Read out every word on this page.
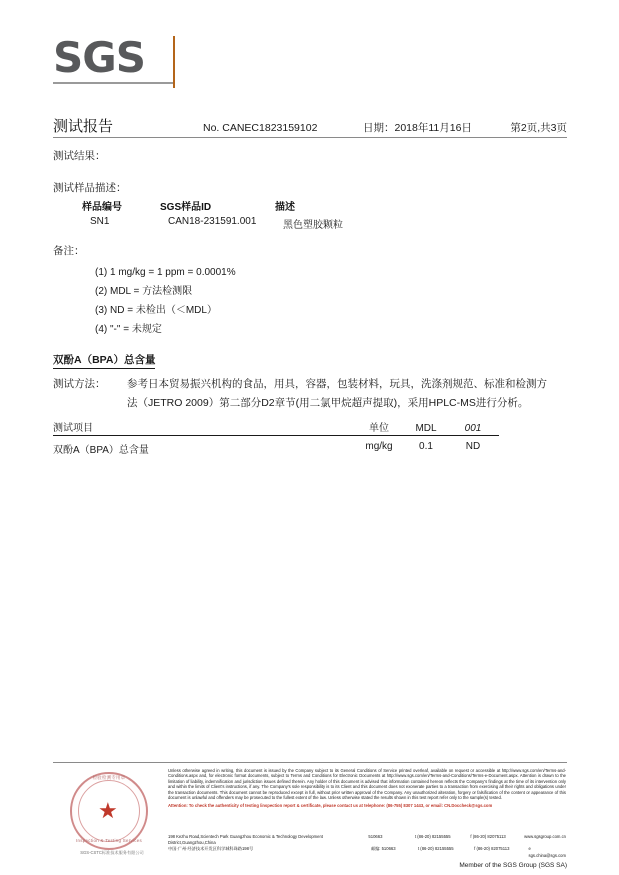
SGS
测试报告	No. CANEC1823159102	日期：2018年11月16日	第2页,共3页
测试结果：
测试样品描述：
样品编号	SGS样品ID	描述
SN1	CAN18-231591.001	黑色塑胶颗粒
备注：
(1) 1 mg/kg = 1 ppm = 0.0001%
(2) MDL = 方法检测限
(3) ND = 未检出（＜MDL）
(4) "-" = 未规定
双酚A（BPA）总含量
测试方法： 参考日本贸易振兴机构的食品，用具，容器，包装材料，玩具，洗涤剂规范、标准和检测方法（JETRO 2009）第二部分D2章节(用二氯甲烷超声提取)，采用HPLC-MS进行分析。
测试项目	单位	MDL	001
双酚A（BPA）总含量	mg/kg	0.1	ND
检验检测专用章
★
Inspection & Testing Services
SGS-CSTC标准技术服务有限公司
Unless otherwise agreed in writing, this document is issued by the Company subject to its General Conditions of Service printed overleaf, available on request or accessible at http://www.sgs.com/en/Terms-and-Conditions.aspx and, for electronic format documents, subject to Terms and Conditions for Electronic Documents at http://www.sgs.com/en/Terms-and-Conditions/Terms-e-Document.aspx. Attention is drawn to the limitation of liability, indemnification and jurisdiction issues defined therein. Any holder of this document is advised that information contained hereon reflects the Company's findings at the time of its intervention only and within the limits of Client's instructions, if any. The Company's sole responsibility is to its Client and this document does not exonerate parties to a transaction from exercising all their rights and obligations under the transaction documents. This document cannot be reproduced except in full, without prior written approval of the Company. Any unauthorized alteration, forgery or falsification of the content or appearance of this document is unlawful and offenders may be prosecuted to the fullest extent of the law. Unless otherwise stated the results shown in this test report refer only to the sample(s) tested.
Attention: To check the authenticity of testing /inspection report & certificate, please contact us at telephone: (86-755) 8307 1443, or email: CN.Doccheck@sgs.com
198 Kezhu Road,Scientech Park Guangzhou Economic & Technology Development District,Guangzhou,China
510663	t (86-20) 82155555	f (86-20) 82075113	www.sgsgroup.com.cn
中国·广州·经济技术开发区科学城科珠路198号	邮编: 510663	t (86-20) 82155555	f (86-20) 82075113	e sgs.china@sgs.com
Member of the SGS Group (SGS SA)
